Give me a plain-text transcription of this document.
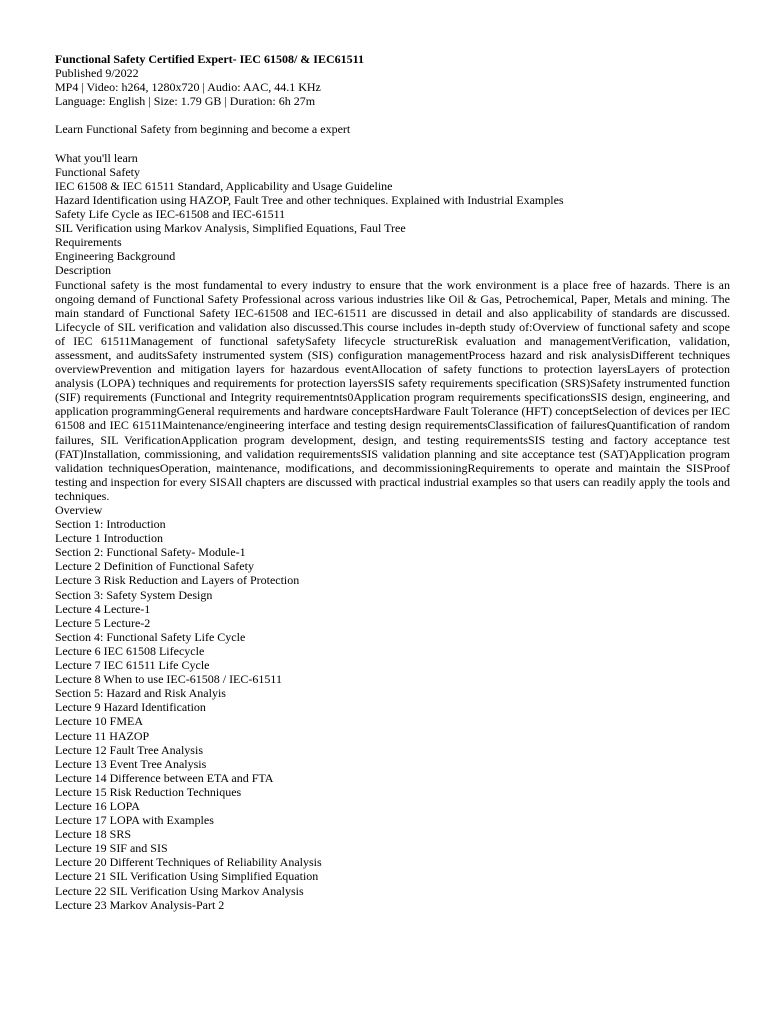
Functional Safety Certified Expert- IEC 61508/ & IEC61511
Published 9/2022
MP4 | Video: h264, 1280x720 | Audio: AAC, 44.1 KHz
Language: English | Size: 1.79 GB | Duration: 6h 27m
Learn Functional Safety from beginning and become a expert
What you'll learn
Functional Safety
IEC 61508 & IEC 61511 Standard, Applicability and Usage Guideline
Hazard Identification using HAZOP, Fault Tree and other techniques. Explained with Industrial Examples
Safety Life Cycle as IEC-61508 and IEC-61511
SIL Verification using Markov Analysis, Simplified Equations, Faul Tree
Requirements
Engineering Background
Description
Functional safety is the most fundamental to every industry to ensure that the work environment is a place free of hazards. There is an ongoing demand of Functional Safety Professional across various industries like Oil & Gas, Petrochemical, Paper, Metals and mining. The main standard of Functional Safety IEC-61508 and IEC-61511 are discussed in detail and also applicability of standards are discussed. Lifecycle of SIL verification and validation also discussed.This course includes in-depth study of:Overview of functional safety and scope of IEC 61511Management of functional safetySafety lifecycle structureRisk evaluation and managementVerification, validation, assessment, and auditsSafety instrumented system (SIS) configuration managementProcess hazard and risk analysisDifferent techniques overviewPrevention and mitigation layers for hazardous eventAllocation of safety functions to protection layersLayers of protection analysis (LOPA) techniques and requirements for protection layersSIS safety requirements specification (SRS)Safety instrumented function (SIF) requirements (Functional and Integrity requirementnts0Application program requirements specificationsSIS design, engineering, and application programmingGeneral requirements and hardware conceptsHardware Fault Tolerance (HFT) conceptSelection of devices per IEC 61508 and IEC 61511Maintenance/engineering interface and testing design requirementsClassification of failuresQuantification of random failures, SIL VerificationApplication program development, design, and testing requirementsSIS testing and factory acceptance test (FAT)Installation, commissioning, and validation requirementsSIS validation planning and site acceptance test (SAT)Application program validation techniquesOperation, maintenance, modifications, and decommissioningRequirements to operate and maintain the SISProof testing and inspection for every SISAll chapters are discussed with practical industrial examples so that users can readily apply the tools and techniques.
Overview
Section 1: Introduction
Lecture 1 Introduction
Section 2: Functional Safety- Module-1
Lecture 2 Definition of Functional Safety
Lecture 3 Risk Reduction and Layers of Protection
Section 3: Safety System Design
Lecture 4 Lecture-1
Lecture 5 Lecture-2
Section 4: Functional Safety Life Cycle
Lecture 6 IEC 61508 Lifecycle
Lecture 7 IEC 61511 Life Cycle
Lecture 8 When to use IEC-61508 / IEC-61511
Section 5: Hazard and Risk Analyis
Lecture 9 Hazard Identification
Lecture 10 FMEA
Lecture 11 HAZOP
Lecture 12 Fault Tree Analysis
Lecture 13 Event Tree Analysis
Lecture 14 Difference between ETA and FTA
Lecture 15 Risk Reduction Techniques
Lecture 16 LOPA
Lecture 17 LOPA with Examples
Lecture 18 SRS
Lecture 19 SIF and SIS
Lecture 20 Different Techniques of Reliability Analysis
Lecture 21 SIL Verification Using Simplified Equation
Lecture 22 SIL Verification Using Markov Analysis
Lecture 23 Markov Analysis-Part 2
